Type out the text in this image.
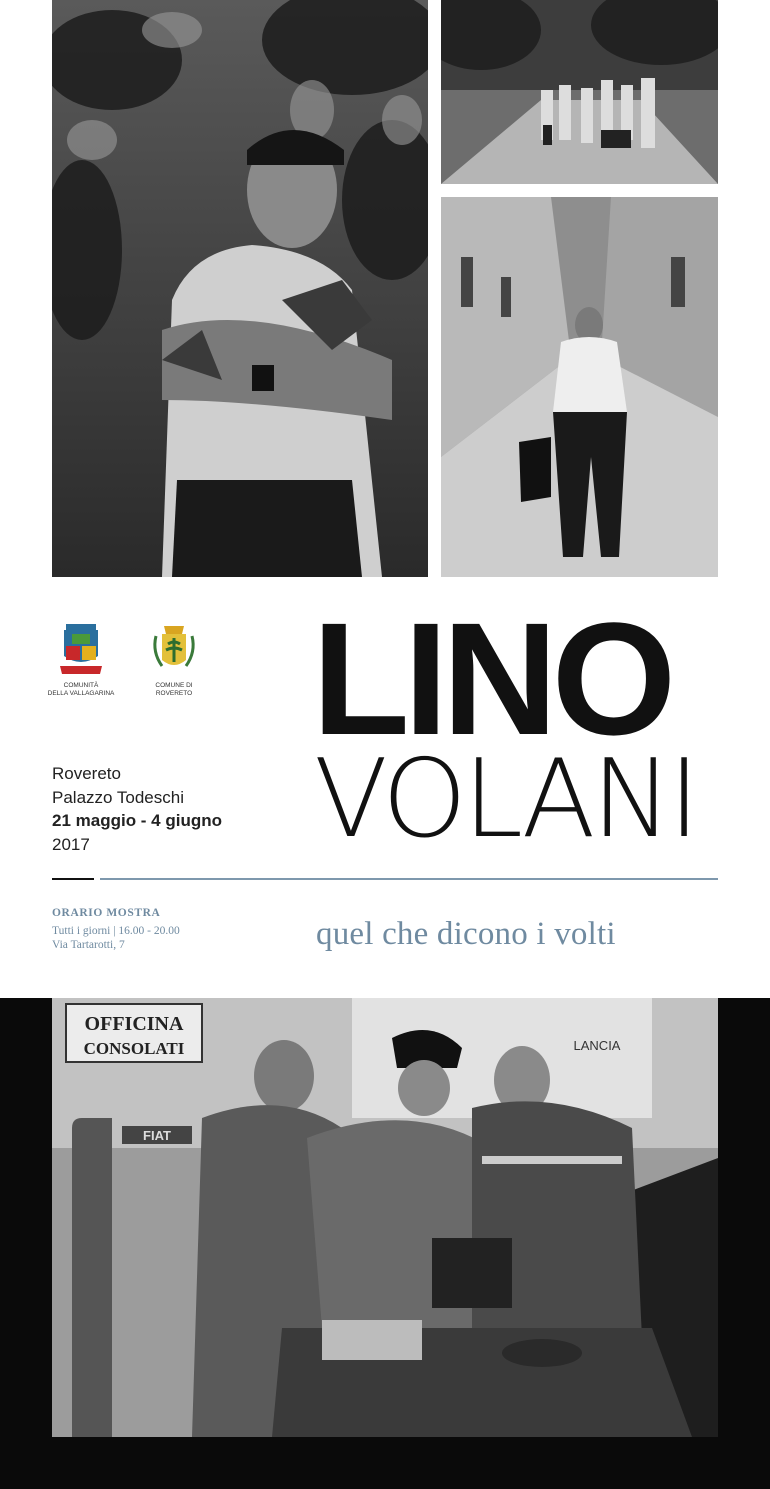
COMUNITÀ
DELLA VALLAGARINA
COMUNE DI
ROVERETO
Rovereto
Palazzo Todeschi
21 maggio - 4 giugno
2017
LINO
VOLANI
ORARIO MOSTRA
Tutti i giorni | 16.00 - 20.00
Via Tartarotti, 7	quel che dicono i volti
OFFICINA
CONSOLATI
FIAT
LANCIA
